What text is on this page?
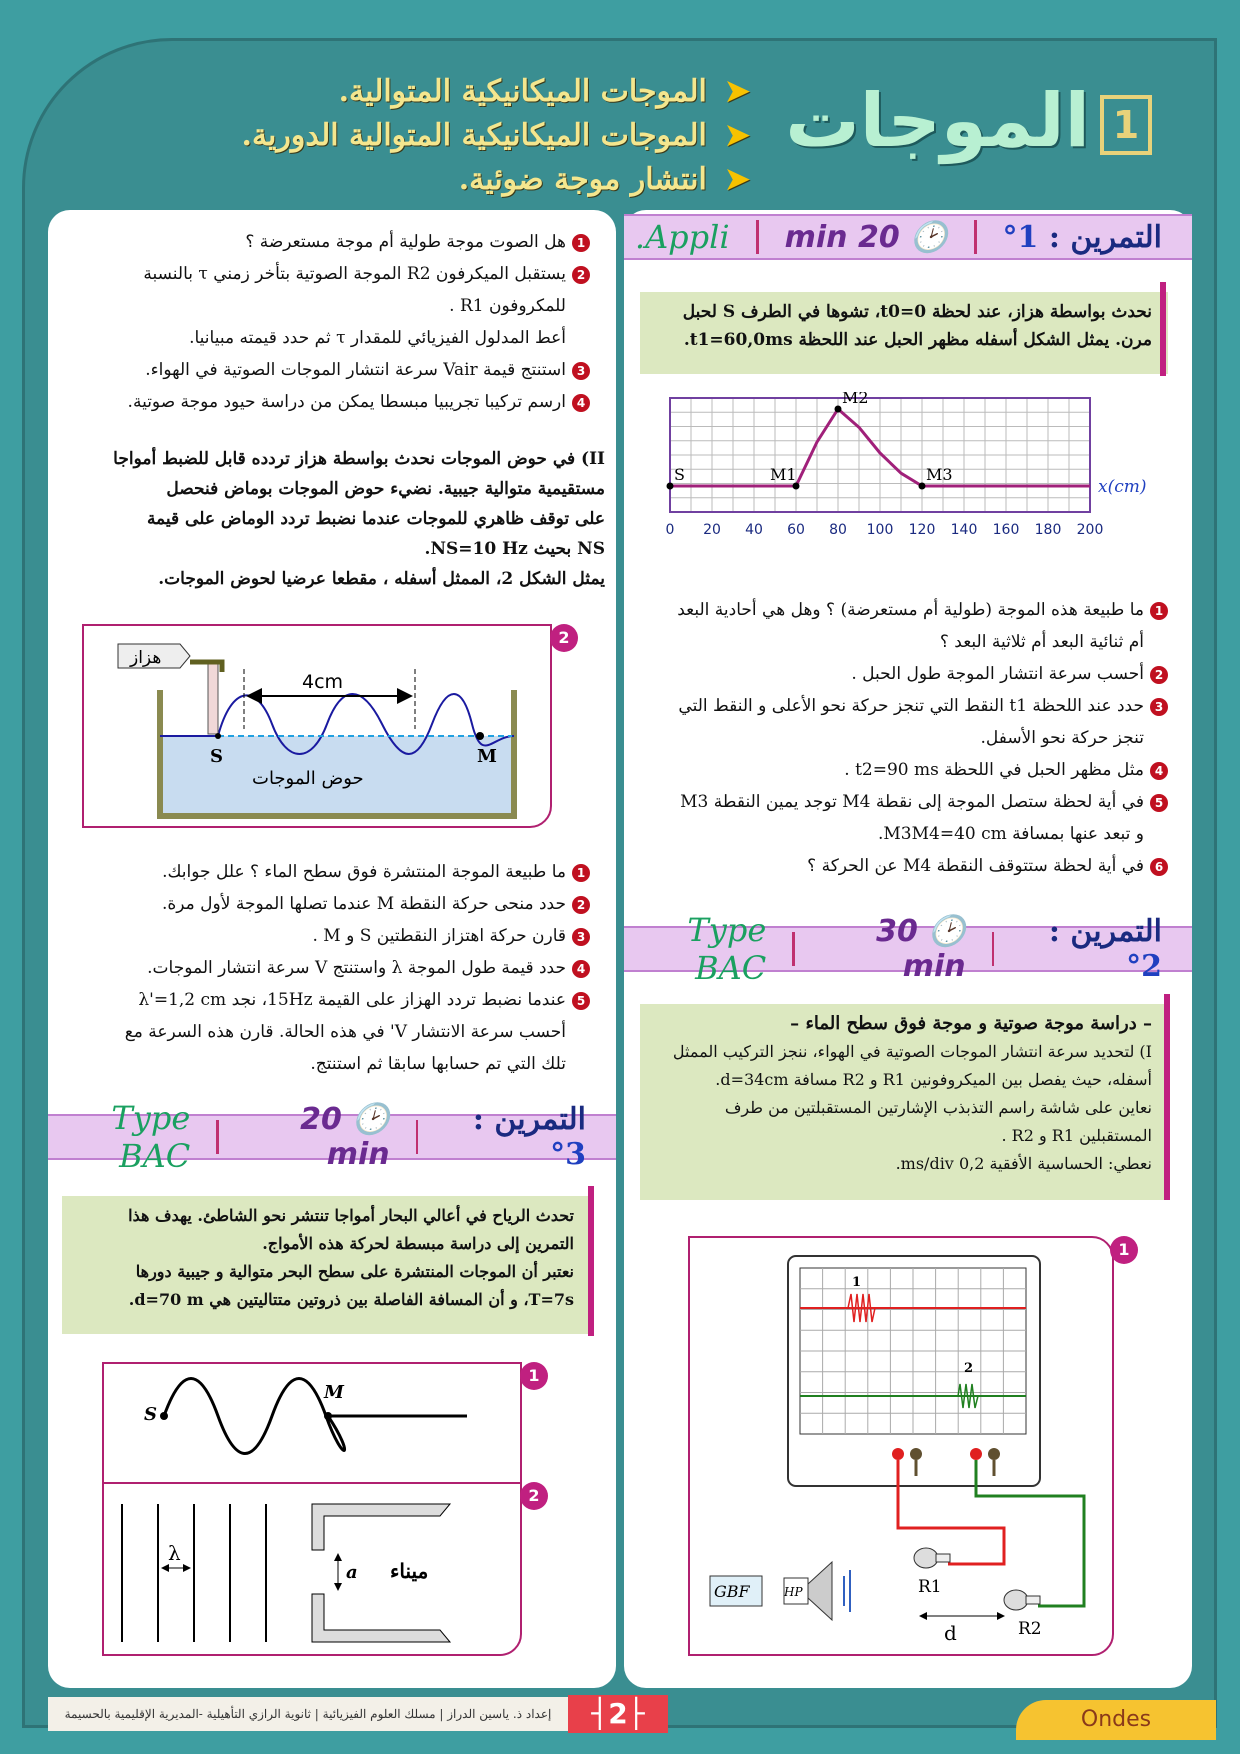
1
الموجات
➤الموجات الميكانيكية المتوالية.
➤الموجات الميكانيكية المتوالية الدورية.
➤انتشار موجة ضوئية.
1هل الصوت موجة طولية أم موجة مستعرضة ؟
2يستقبل الميكرفون R2 الموجة الصوتية بتأخر زمني τ بالنسبة
للمكروفون R1 .
أعط المدلول الفيزيائي للمقدار τ ثم حدد قيمته مبيانيا.
3استنتج قيمة Vair سرعة انتشار الموجات الصوتية في الهواء.
4ارسم تركيبا تجريبيا مبسطا يمكن من دراسة حيود موجة صوتية.
II) في حوض الموجات نحدث بواسطة هزاز تردده قابل للضبط أمواجا
مستقيمية متوالية جيبية. نضيء حوض الموجات بوماض فنحصل
على توقف ظاهري للموجات عندما نضبط تردد الوماض على قيمة
NS بحيث NS=10 Hz.
يمثل الشكل 2، الممثل أسفله ، مقطعا عرضيا لحوض الموجات.
2
هزاز
4cm
S	M
حوض الموجات
1ما طبيعة الموجة المنتشرة فوق سطح الماء ؟ علل جوابك.
2حدد منحى حركة النقطة M عندما تصلها الموجة لأول مرة.
3قارن حركة اهتزاز النقطتين S و M .
4حدد قيمة طول الموجة λ واستنتج V سرعة انتشار الموجات.
5عندما نضبط تردد الهزاز على القيمة 15Hz، نجد λ'=1,2 cm
أحسب سرعة الانتشار V' في هذه الحالة. قارن هذه السرعة مع
تلك التي تم حسابها سابقا ثم استنتج.
التمرين : 3°
🕑 20 min
Type BAC
تحدث الرياح في أعالي البحار أمواجا تنتشر نحو الشاطئ. يهدف هذا
التمرين إلى دراسة مبسطة لحركة هذه الأمواج.
نعتبر أن الموجات المنتشرة على سطح البحر متوالية و جيبية دورها
T=7s، و أن المسافة الفاصلة بين ذروتين متتاليتين هي d=70 m.
1
S
M
2
λ
a ميناء
التمرين : 1°
🕑 20 min
Appli.
نحدث بواسطة هزاز، عند لحظة t0=0، تشوها في الطرف S لحبل
مرن. يمثل الشكل أسفله مظهر الحبل عند اللحظة t1=60,0ms.
S	M1
M2
M3
0 20 40 60 80 100 120 140 160 180 200
x(cm)
1ما طبيعة هذه الموجة (طولية أم مستعرضة) ؟ وهل هي أحادية البعد
أم ثنائية البعد أم ثلاثية البعد ؟
2أحسب سرعة انتشار الموجة طول الحبل .
3حدد عند اللحظة t1 النقط التي تنجز حركة نحو الأعلى و النقط التي
تنجز حركة نحو الأسفل.
4مثل مظهر الحبل في اللحظة t2=90 ms .
5في أية لحظة ستصل الموجة إلى نقطة M4 توجد يمين النقطة M3
و تبعد عنها بمسافة M3M4=40 cm.
6في أية لحظة ستتوقف النقطة M4 عن الحركة ؟
التمرين : 2°
🕑 30 min
Type BAC
– دراسة موجة صوتية و موجة فوق سطح الماء –
I) لتحديد سرعة انتشار الموجات الصوتية في الهواء، ننجز التركيب الممثل
أسفله، حيث يفصل بين الميكروفونين R1 و R2 مسافة d=34cm.
نعاين على شاشة راسم التذبذب الإشارتين المستقبلتين من طرف
المستقبلين R1 و R2 .
نعطي: الحساسية الأفقية 0,2 ms/div.
1
1
2
GBF	HP	R1
R2
d
إعداد ذ. ياسين الدراز | مسلك العلوم الفيزيائية | ثانوية الرازي التأهيلية -المديرية الإقليمية بالحسيمة	┤2├	Ondes
